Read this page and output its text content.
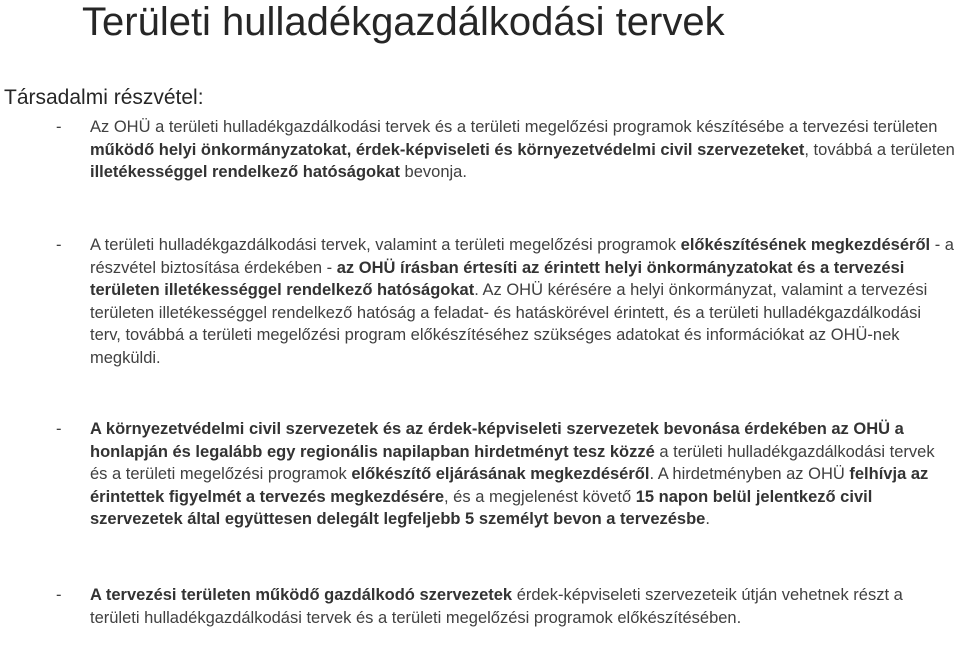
Területi hulladékgazdálkodási tervek
Társadalmi részvétel:
- Az OHÜ a területi hulladékgazdálkodási tervek és a területi megelőzési programok készítésébe a tervezési területen működő helyi önkormányzatokat, érdek-képviseleti és környezetvédelmi civil szervezeteket, továbbá a területen illetékességgel rendelkező hatóságokat bevonja.
- A területi hulladékgazdálkodási tervek, valamint a területi megelőzési programok előkészítésének megkezdéséről - a részvétel biztosítása érdekében - az OHÜ írásban értesíti az érintett helyi önkormányzatokat és a tervezési területen illetékességgel rendelkező hatóságokat. Az OHÜ kérésére a helyi önkormányzat, valamint a tervezési területen illetékességgel rendelkező hatóság a feladat- és hatáskörével érintett, és a területi hulladékgazdálkodási terv, továbbá a területi megelőzési program előkészítéséhez szükséges adatokat és információkat az OHÜ-nek megküldi.
- A környezetvédelmi civil szervezetek és az érdek-képviseleti szervezetek bevonása érdekében az OHÜ a honlapján és legalább egy regionális napilapban hirdetményt tesz közzé a területi hulladékgazdálkodási tervek és a területi megelőzési programok előkészítő eljárásának megkezdéséről. A hirdetményben az OHÜ felhívja az érintettek figyelmét a tervezés megkezdésére, és a megjelenést követő 15 napon belül jelentkező civil szervezetek által együttesen delegált legfeljebb 5 személyt bevon a tervezésbe.
- A tervezési területen működő gazdálkodó szervezetek érdek-képviseleti szervezeteik útján vehetnek részt a területi hulladékgazdálkodási tervek és a területi megelőzési programok előkészítésében.
